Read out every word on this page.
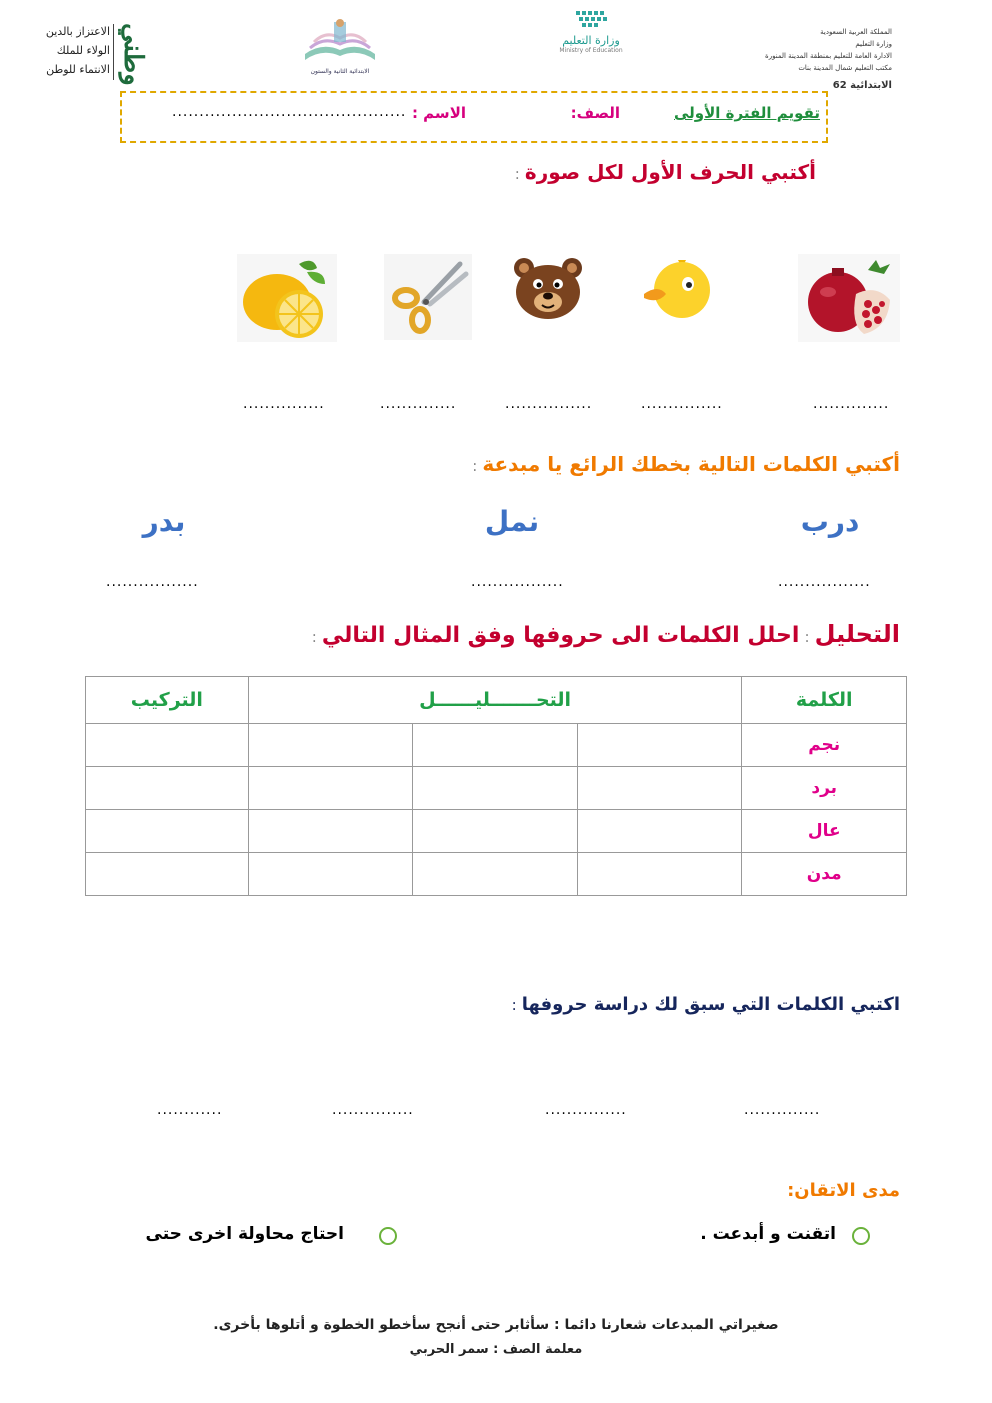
الاعتزاز بالدين
الولاء للملك
الانتماء للوطن وطني	الابتدائية الثانية والستون
وزارة التعليم
Ministry of Education
المملكة العربية السعودية
وزارة التعليم
الادارة العامة للتعليم بمنطقة المدينة المنورة
مكتب التعليم شمال المدينة بنات
الابتدائية 62
تقويم الفترة الأولى
الصف:
الاسم :
...........................................
أكتبي الحرف الأول لكل صورة :
..............
...............
................
..............
...............
أكتبي الكلمات التالية بخطك الرائع يا مبدعة :
درب
نمل
بدر
.................
.................
.................
التحليل : احلل الكلمات الى حروفها وفق المثال التالي :
الكلمة	التحـــــــليــــــل			التركيب
نجم				
برد				
عال				
مدن				
اكتبي الكلمات التي سبق لك دراسة حروفها :
..............
...............
...............
............
مدى الاتقان:
اتقنت و أبدعت .
احتاج محاولة اخرى حتى
صغيراتي المبدعات شعارنا دائما : سأثابر حتى أنجح سأخطو الخطوة و أتلوها بأخرى.
معلمة الصف : سمر الحربي
